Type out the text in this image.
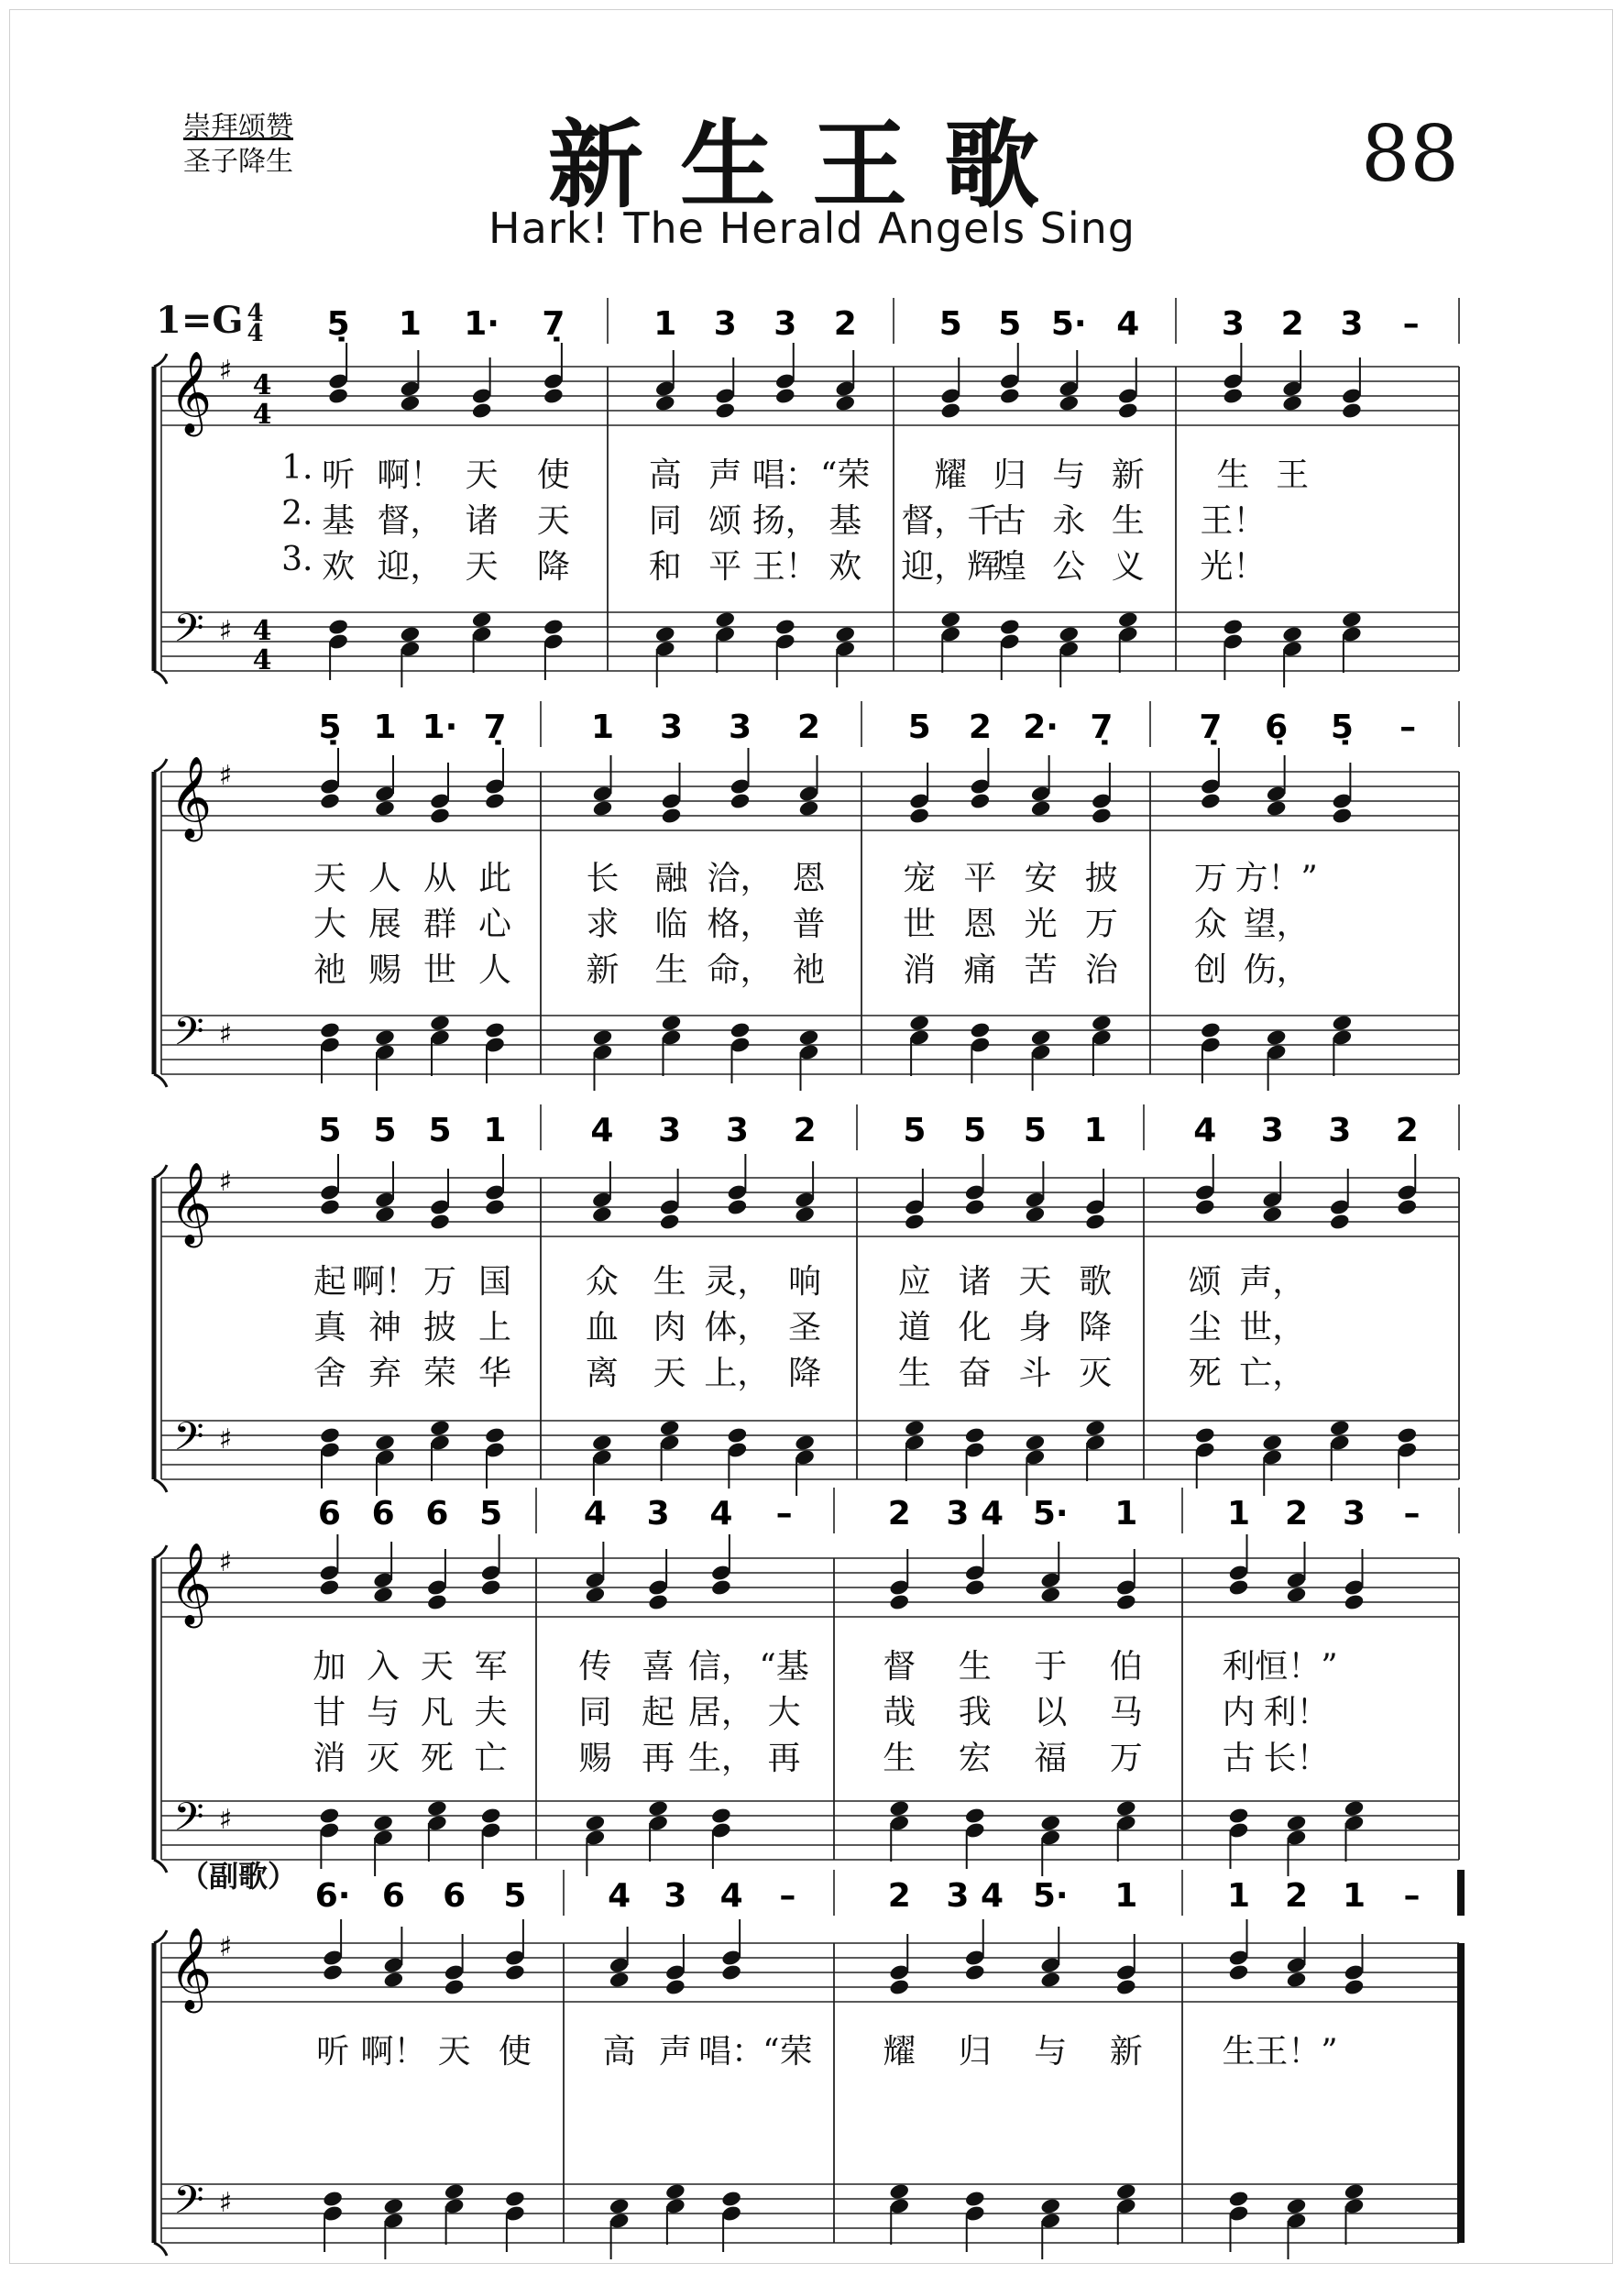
崇拜颂赞
圣子降生	新生王歌	88
Hark! The Herald Angels Sing
1=G 4
4
（副歌）
𝄞
𝄢
♯
♯
4
4
4
4
5̣ 1 1· 7̣	1 3 3 2 5 5 5· 4 3 2 3 –
𝄞
𝄢
♯
♯
5̣ 1 1· 7̣	1 3 3 2	5 2 2· 7̣	7̣ 6̣ 5̣ –
𝄞
𝄢
♯
♯
5 5 5 1	4 3 3 2	5 5 5 1	4 3 3 2
𝄞
𝄢
♯
♯
6 6 6 5 4 3 4 –	2 3 4 5· 1	1 2 3 –
𝄞
𝄢
♯
♯
6· 6 6 5 4 3 4 –	2 3 4 5· 1	1 2 1 –
1. 听 啊！ 天 使 高 声 唱： “荣 耀 归 与 新 生 王
2. 基 督， 诸 天 同 颂 扬， 基 督，千
古 永 生 王！
3. 欢 迎， 天 降 和 平 王！ 欢 迎，辉
煌 公 义 光！
天 人 从 此 长 融 洽， 恩 宠 平 安 披 万 方！”
大 展 群 心 求 临 格， 普 世 恩 光 万 众 望，
祂 赐 世 人 新 生 命， 祂 消 痛 苦 治 创 伤，
起 啊！ 万 国 众 生 灵， 响 应 诸 天 歌 颂 声，
真 神 披 上 血 肉 体， 圣 道 化 身 降 尘 世，
舍 弃 荣 华 离 天 上， 降 生 奋 斗 灭 死 亡，
加 入 天 军 传 喜 信， “基 督 生 于 伯 利 恒！”
甘 与 凡 夫 同 起 居， 大 哉 我 以 马 内 利！
消 灭 死 亡 赐 再 生， 再 生 宏 福 万 古 长！
听 啊！ 天 使 高 声 唱：
“荣 耀 归 与 新 生 王！”
